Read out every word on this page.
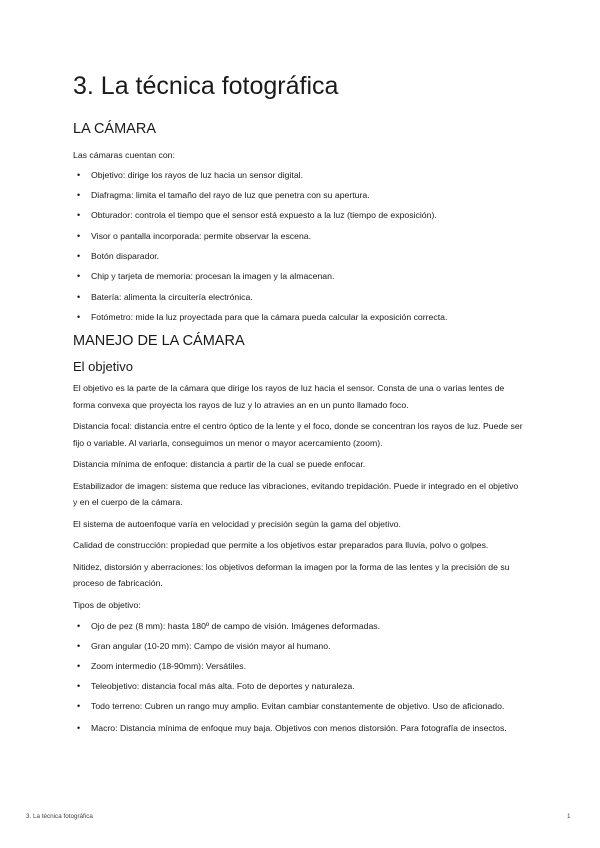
3. La técnica fotográfica
LA CÁMARA

Las cámaras cuentan con:

• Objetivo: dirige los rayos de luz hacia un sensor digital.
• Diafragma: limita el tamaño del rayo de luz que penetra con su apertura.
• Obturador: controla el tiempo que el sensor está expuesto a la luz (tiempo de exposición).
• Visor o pantalla incorporada: permite observar la escena.
• Botón disparador.
• Chip y tarjeta de memoria: procesan la imagen y la almacenan.
• Batería: alimenta la circuitería electrónica.
• Fotómetro: mide la luz proyectada para que la cámara pueda calcular la exposición correcta.
MANEJO DE LA CÁMARA
El objetivo

El objetivo es la parte de la cámara que dirige los rayos de luz hacia el sensor. Consta de una o varias lentes de forma convexa que proyecta los rayos de luz y lo atravies an en un punto llamado foco.

Distancia focal: distancia entre el centro óptico de la lente y el foco, donde se concentran los rayos de luz. Puede ser fijo o variable. Al variarla, conseguimos un menor o mayor acercamiento (zoom).

Distancia mínima de enfoque: distancia a partir de la cual se puede enfocar.

Estabilizador de imagen: sistema que reduce las vibraciones, evitando trepidación. Puede ir integrado en el objetivo y en el cuerpo de la cámara.

El sistema de autoenfoque varía en velocidad y precisión según la gama del objetivo.

Calidad de construcción: propiedad que permite a los objetivos estar preparados para lluvia, polvo o golpes.

Nitidez, distorsión y aberraciones: los objetivos deforman la imagen por la forma de las lentes y la precisión de su proceso de fabricación.

Tipos de objetivo:

• Ojo de pez (8 mm): hasta 180º de campo de visión. Imágenes deformadas.
• Gran angular (10-20 mm): Campo de visión mayor al humano.
• Zoom intermedio (18-90mm): Versátiles.
• Teleobjetivo: distancia focal más alta. Foto de deportes y naturaleza.
• Todo terreno: Cubren un rango muy amplio. Evitan cambiar constantemente de objetivo. Uso de aficionado.
• Macro: Distancia mínima de enfoque muy baja. Objetivos con menos distorsión. Para fotografía de insectos.
3. La técnica fotográfica	1
